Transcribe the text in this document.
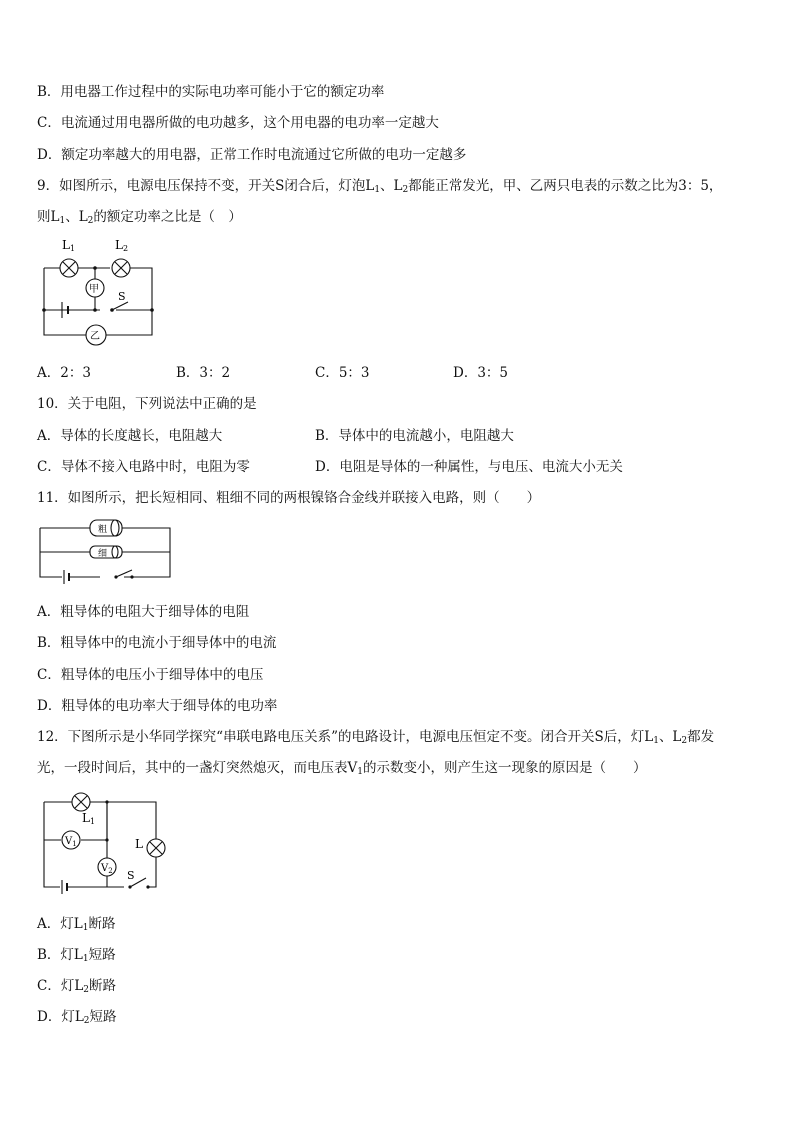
B．用电器工作过程中的实际电功率可能小于它的额定功率
C．电流通过用电器所做的电功越多，这个用电器的电功率一定越大
D．额定功率越大的用电器，正常工作时电流通过它所做的电功一定越多
9．如图所示，电源电压保持不变，开关S闭合后，灯泡$L_1$、$L_2$都能正常发光，甲、乙两只电表的示数之比为3：5，
则$L_1$、$L_2$的额定功率之比是（　）
L1	L2
甲
乙
S
A．2：3	B．3：2	C．5：3	D．3：5
10．关于电阻，下列说法中正确的是
A．导体的长度越长，电阻越大	B．导体中的电流越小，电阻越大
C．导体不接入电路中时，电阻为零	D．电阻是导体的一种属性，与电压、电流大小无关
11．如图所示，把长短相同、粗细不同的两根镍铬合金线并联接入电路，则（　　）
粗
细
A．粗导体的电阻大于细导体的电阻
B．粗导体中的电流小于细导体中的电流
C．粗导体的电压小于细导体中的电压
D．粗导体的电功率大于细导体的电功率
12．下图所示是小华同学探究“串联电路电压关系”的电路设计，电源电压恒定不变。闭合开关S后，灯$L_1$、$L_2$都发
光，一段时间后，其中的一盏灯突然熄灭，而电压表$V_1$的示数变小，则产生这一现象的原因是（　　）
L1
L
$V_1$
$V_2$ S
A．灯$L_1$断路
B．灯$L_1$短路
C．灯$L_2$断路
D．灯$L_2$短路
